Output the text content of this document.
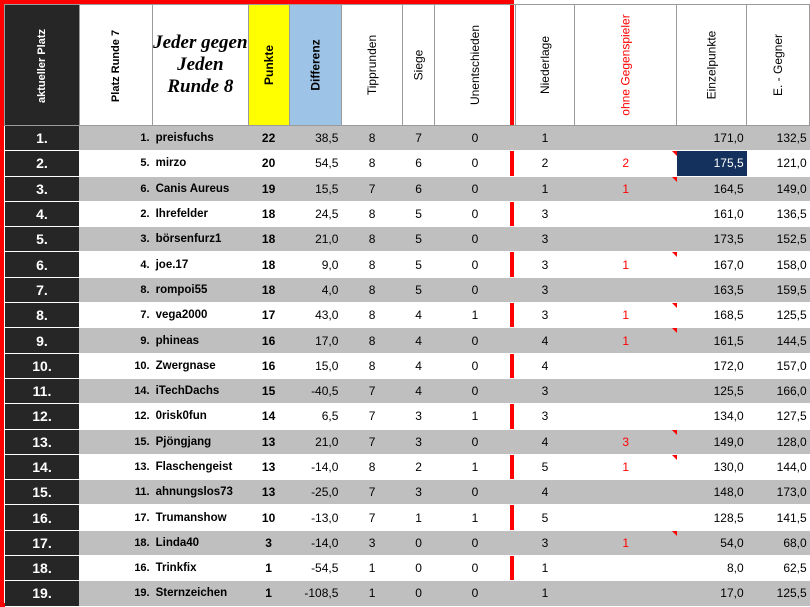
aktueller Platz	Platz Runde 7	Jeder gegen
Jeden
Runde 8	Punkte	Differenz	Tipprunden	Siege	Unentschieden	Niederlage	ohne Gegenspieler	Einzelpunkte	E. - Gegner
1.	1.	preisfuchs	22	38,5	8	7	0	1		171,0	132,5
2.	5.	mirzo	20	54,5	8	6	0	2	2	175,5	121,0
3.	6.	Canis Aureus	19	15,5	7	6	0	1	1	164,5	149,0
4.	2.	Ihrefelder	18	24,5	8	5	0	3		161,0	136,5
5.	3.	börsenfurz1	18	21,0	8	5	0	3		173,5	152,5
6.	4.	joe.17	18	9,0	8	5	0	3	1	167,0	158,0
7.	8.	rompoi55	18	4,0	8	5	0	3		163,5	159,5
8.	7.	vega2000	17	43,0	8	4	1	3	1	168,5	125,5
9.	9.	phineas	16	17,0	8	4	0	4	1	161,5	144,5
10.	10.	Zwergnase	16	15,0	8	4	0	4		172,0	157,0
11.	14.	iTechDachs	15	-40,5	7	4	0	3		125,5	166,0
12.	12.	0risk0fun	14	6,5	7	3	1	3		134,0	127,5
13.	15.	Pjöngjang	13	21,0	7	3	0	4	3	149,0	128,0
14.	13.	Flaschengeist	13	-14,0	8	2	1	5	1	130,0	144,0
15.	11.	ahnungslos73	13	-25,0	7	3	0	4		148,0	173,0
16.	17.	Trumanshow	10	-13,0	7	1	1	5		128,5	141,5
17.	18.	Linda40	3	-14,0	3	0	0	3	1	54,0	68,0
18.	16.	Trinkfix	1	-54,5	1	0	0	1		8,0	62,5
19.	19.	Sternzeichen	1	-108,5	1	0	0	1		17,0	125,5
